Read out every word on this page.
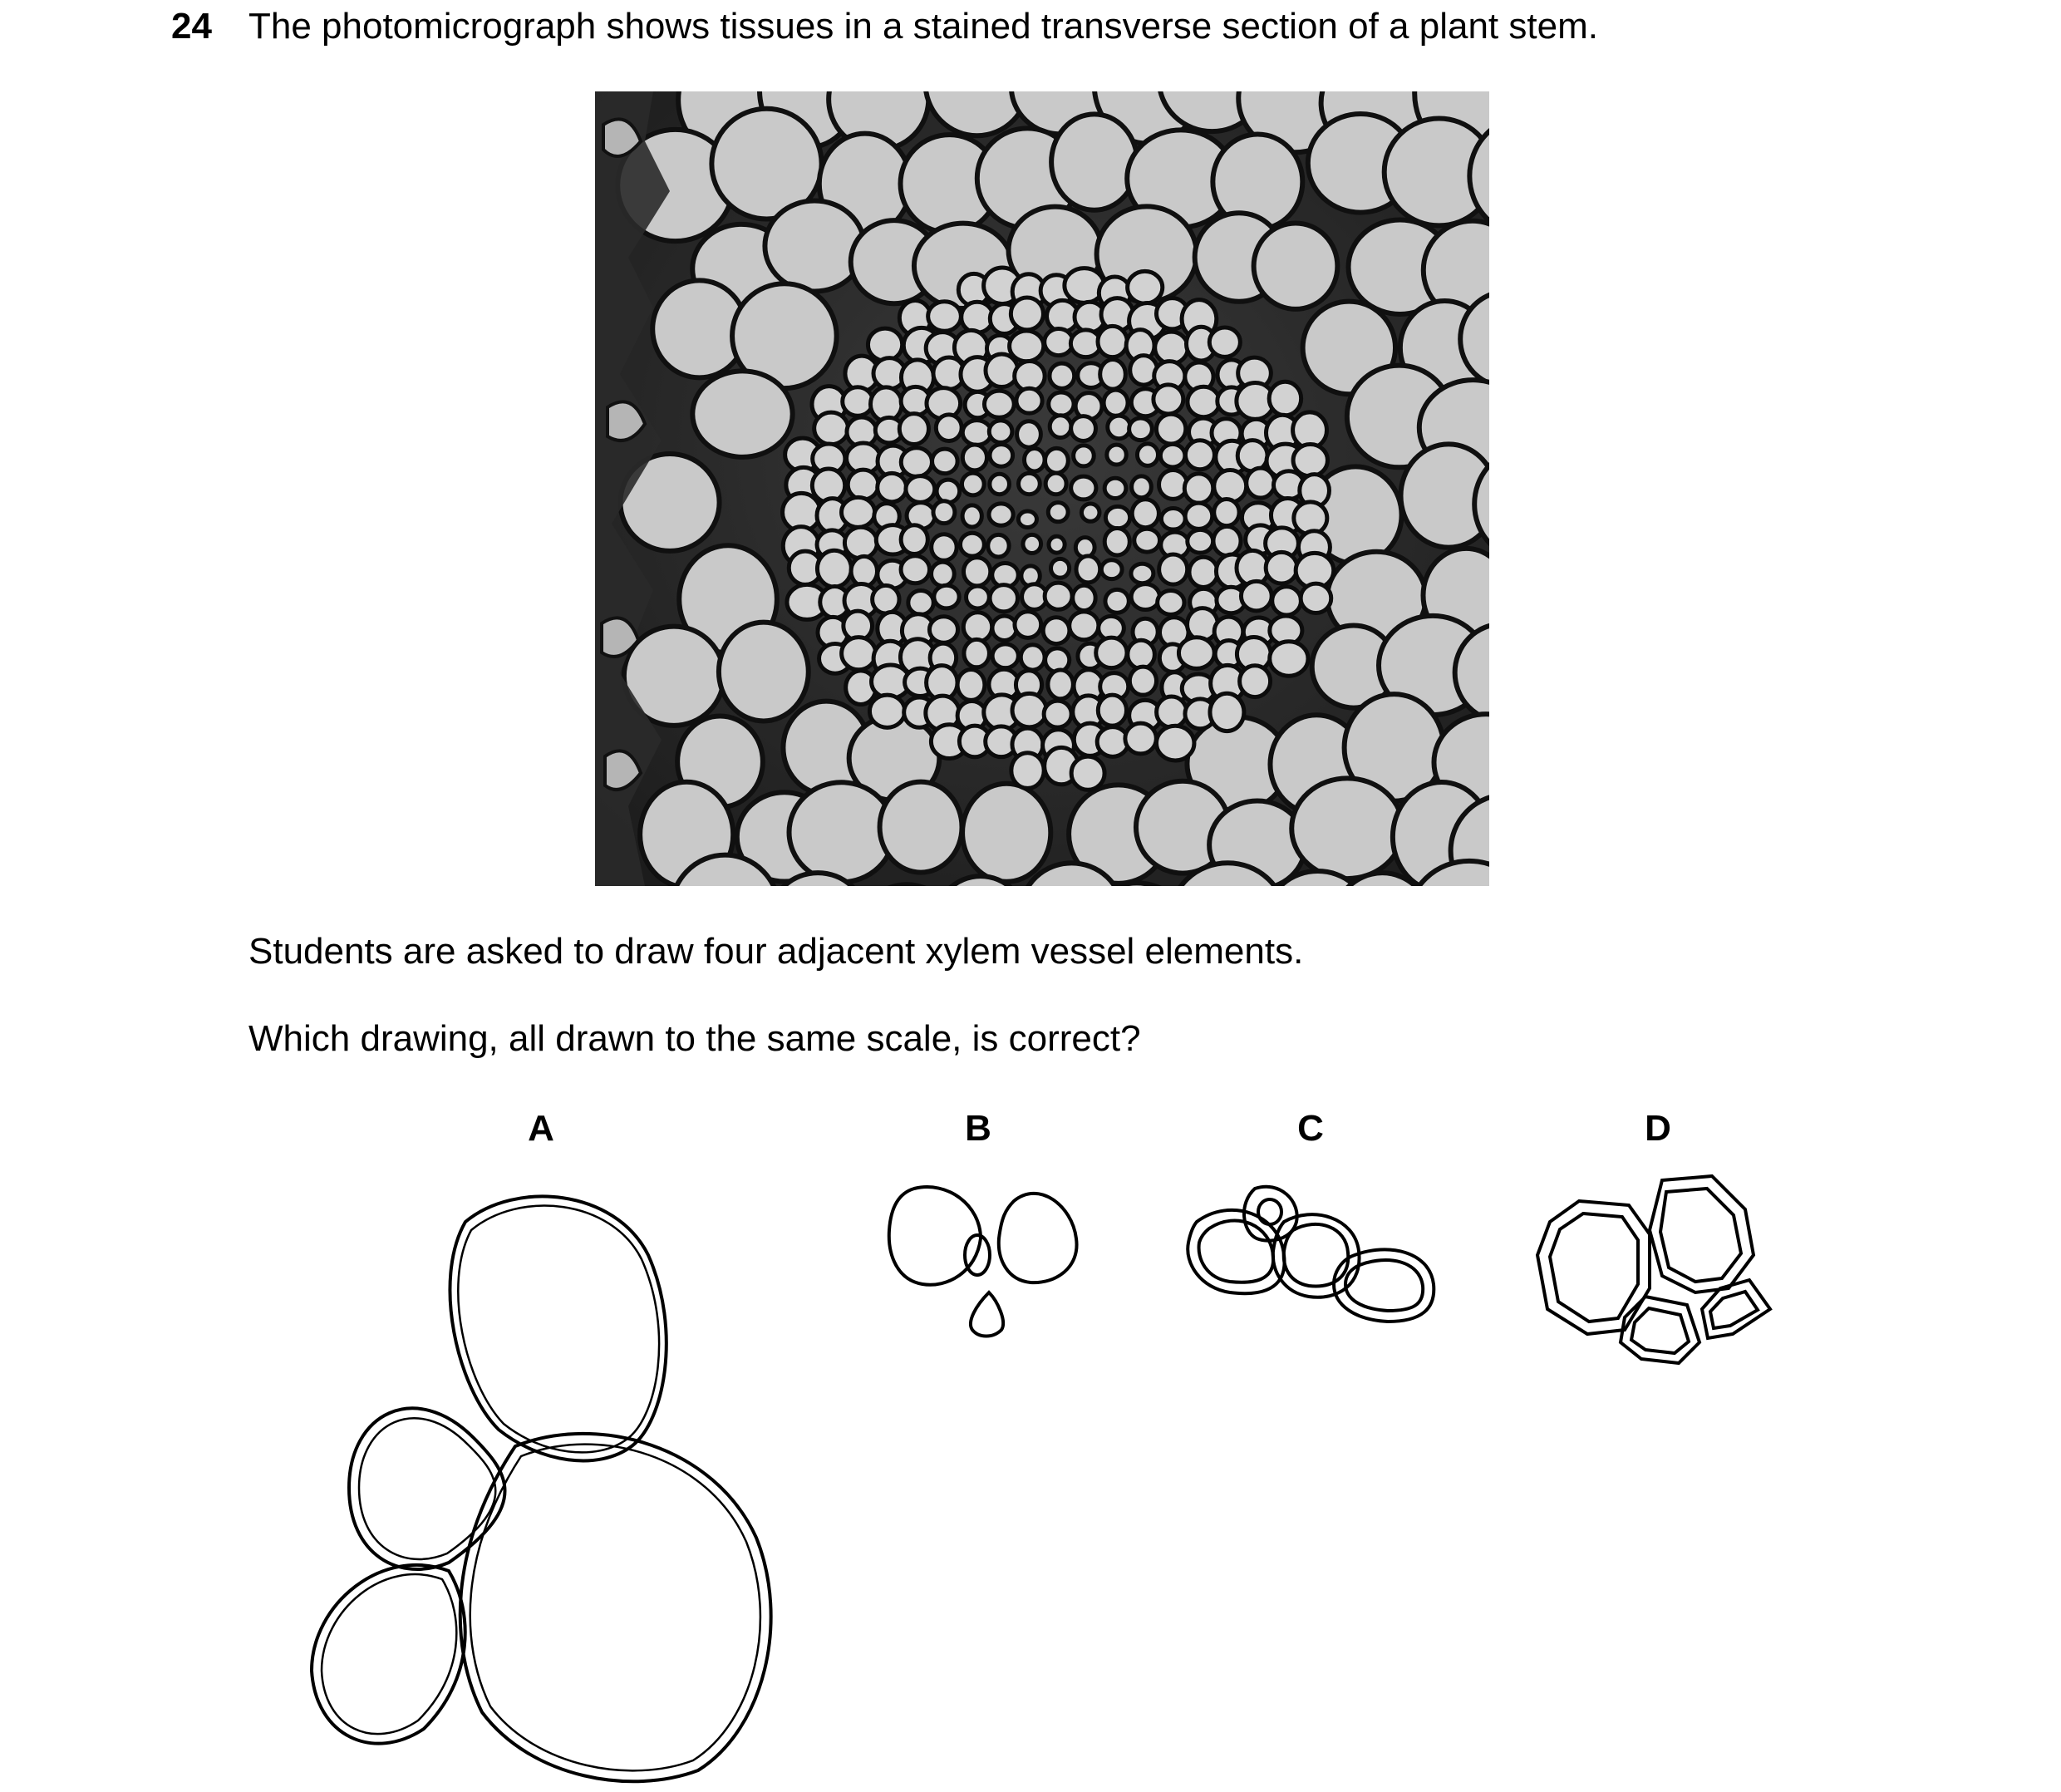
24 The photomicrograph shows tissues in a stained transverse section of a plant stem.
Students are asked to draw four adjacent xylem vessel elements.
Which drawing, all drawn to the same scale, is correct?
A	B	C	D
